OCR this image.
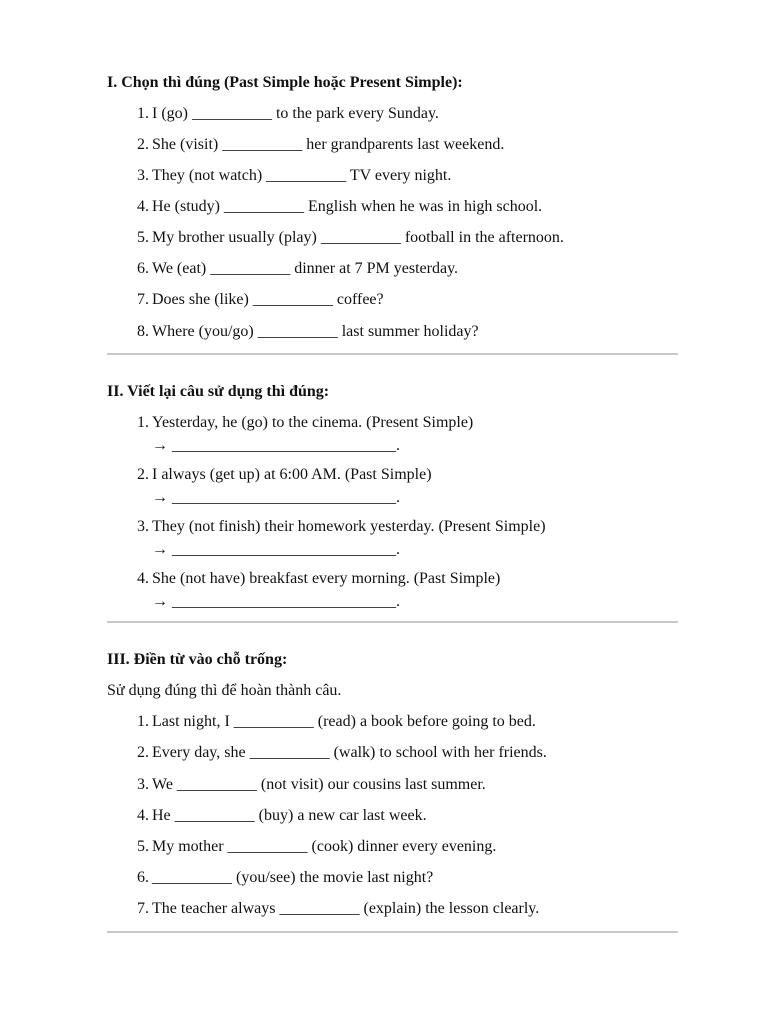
I. Chọn thì đúng (Past Simple hoặc Present Simple):
1. I (go) __________ to the park every Sunday.
2. She (visit) __________ her grandparents last weekend.
3. They (not watch) __________ TV every night.
4. He (study) __________ English when he was in high school.
5. My brother usually (play) __________ football in the afternoon.
6. We (eat) __________ dinner at 7 PM yesterday.
7. Does she (like) __________ coffee?
8. Where (you/go) __________ last summer holiday?
II. Viết lại câu sử dụng thì đúng:
1. Yesterday, he (go) to the cinema. (Present Simple)
→ ____________________________.
2. I always (get up) at 6:00 AM. (Past Simple)
→ ____________________________.
3. They (not finish) their homework yesterday. (Present Simple)
→ ____________________________.
4. She (not have) breakfast every morning. (Past Simple)
→ ____________________________.
III. Điền từ vào chỗ trống:
Sử dụng đúng thì để hoàn thành câu.
1. Last night, I __________ (read) a book before going to bed.
2. Every day, she __________ (walk) to school with her friends.
3. We __________ (not visit) our cousins last summer.
4. He __________ (buy) a new car last week.
5. My mother __________ (cook) dinner every evening.
6. __________ (you/see) the movie last night?
7. The teacher always __________ (explain) the lesson clearly.
